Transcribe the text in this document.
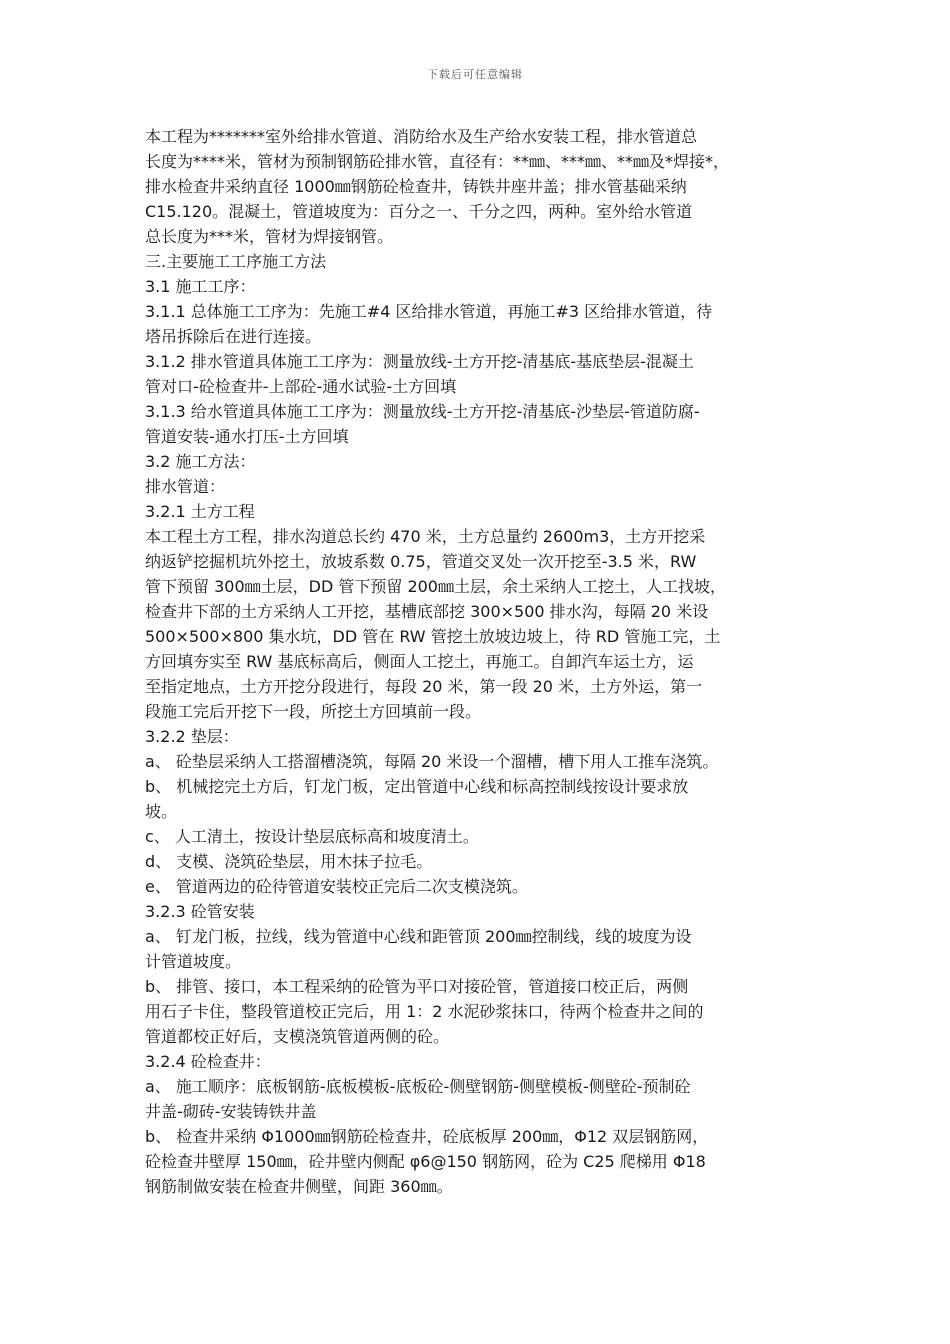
下载后可任意编辑
本工程为*******室外给排水管道、消防给水及生产给水安装工程，排水管道总
长度为****米，管材为预制钢筋砼排水管，直径有：**㎜、***㎜、**㎜及*焊接*，
排水检查井采纳直径 1000㎜钢筋砼检查井，铸铁井座井盖；排水管基础采纳
C15.120。混凝土，管道坡度为：百分之一、千分之四，两种。室外给水管道
总长度为***米，管材为焊接钢管。
三.主要施工工序施工方法
3.1 施工工序：
3.1.1 总体施工工序为：先施工#4 区给排水管道，再施工#3 区给排水管道，待
塔吊拆除后在进行连接。
3.1.2 排水管道具体施工工序为：测量放线-土方开挖-清基底-基底垫层-混凝土
管对口-砼检查井-上部砼-通水试验-土方回填
3.1.3 给水管道具体施工工序为：测量放线-土方开挖-清基底-沙垫层-管道防腐-
管道安装-通水打压-土方回填
3.2 施工方法：
排水管道：
3.2.1 土方工程
本工程土方工程，排水沟道总长约 470 米，土方总量约 2600m3，土方开挖采
纳返铲挖掘机坑外挖土，放坡系数 0.75，管道交叉处一次开挖至-3.5 米，RW
管下预留 300㎜土层，DD 管下预留 200㎜土层，余土采纳人工挖土，人工找坡，
检查井下部的土方采纳人工开挖，基槽底部挖 300×500 排水沟，每隔 20 米设
500×500×800 集水坑，DD 管在 RW 管挖土放坡边坡上，待 RD 管施工完，土
方回填夯实至 RW 基底标高后，侧面人工挖土，再施工。自卸汽车运土方，运
至指定地点，土方开挖分段进行，每段 20 米，第一段 20 米，土方外运，第一
段施工完后开挖下一段，所挖土方回填前一段。
3.2.2 垫层：
a、 砼垫层采纳人工搭溜槽浇筑，每隔 20 米设一个溜槽，槽下用人工推车浇筑。
b、 机械挖完土方后，钉龙门板，定出管道中心线和标高控制线按设计要求放
坡。
c、 人工清土，按设计垫层底标高和坡度清土。
d、 支模、浇筑砼垫层，用木抹子拉毛。
e、 管道两边的砼待管道安装校正完后二次支模浇筑。
3.2.3 砼管安装
a、 钉龙门板，拉线，线为管道中心线和距管顶 200㎜控制线，线的坡度为设
计管道坡度。
b、 排管、接口，本工程采纳的砼管为平口对接砼管，管道接口校正后，两侧
用石子卡住，整段管道校正完后，用 1：2 水泥砂浆抹口，待两个检查井之间的
管道都校正好后，支模浇筑管道两侧的砼。
3.2.4 砼检查井：
a、 施工顺序：底板钢筋-底板模板-底板砼-侧壁钢筋-侧壁模板-侧壁砼-预制砼
井盖-砌砖-安装铸铁井盖
b、 检查井采纳 Φ1000㎜钢筋砼检查井，砼底板厚 200㎜，Φ12 双层钢筋网，
砼检查井壁厚 150㎜，砼井壁内侧配 φ6@150 钢筋网，砼为 C25 爬梯用 Φ18
钢筋制做安装在检查井侧壁，间距 360㎜。
